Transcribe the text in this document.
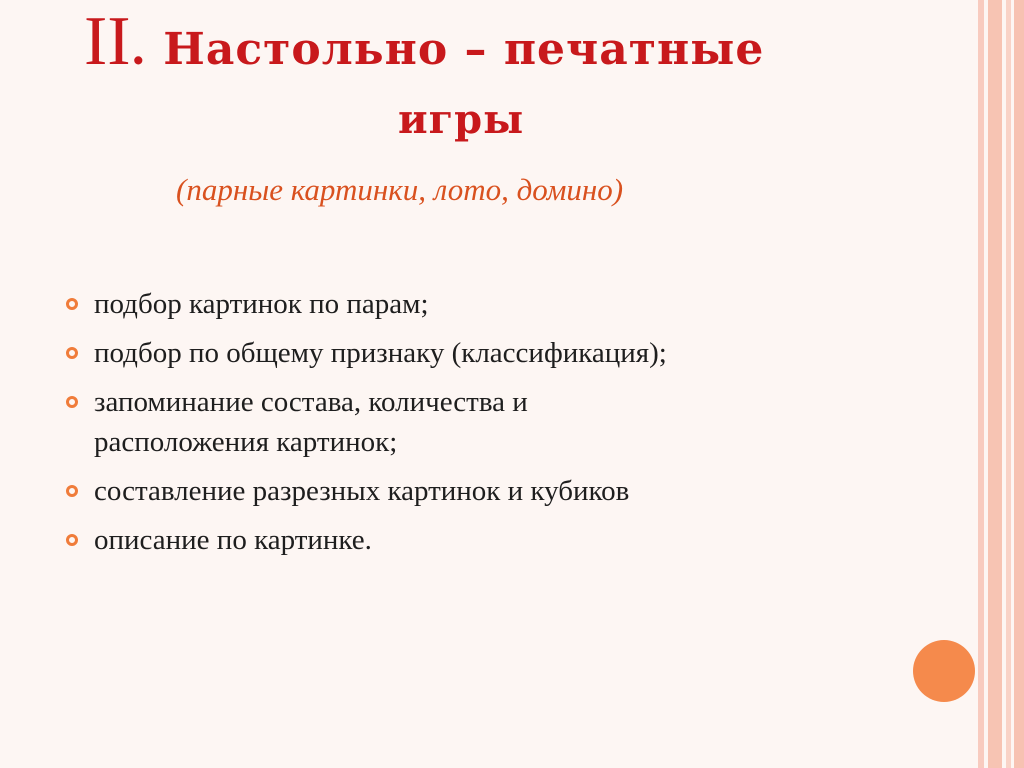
II. Настольно – печатные
игры
(парные картинки, лото, домино)
подбор картинок по парам;
подбор по общему признаку (классификация);
запоминание состава, количества и расположения картинок;
составление разрезных картинок и кубиков
описание по картинке.
